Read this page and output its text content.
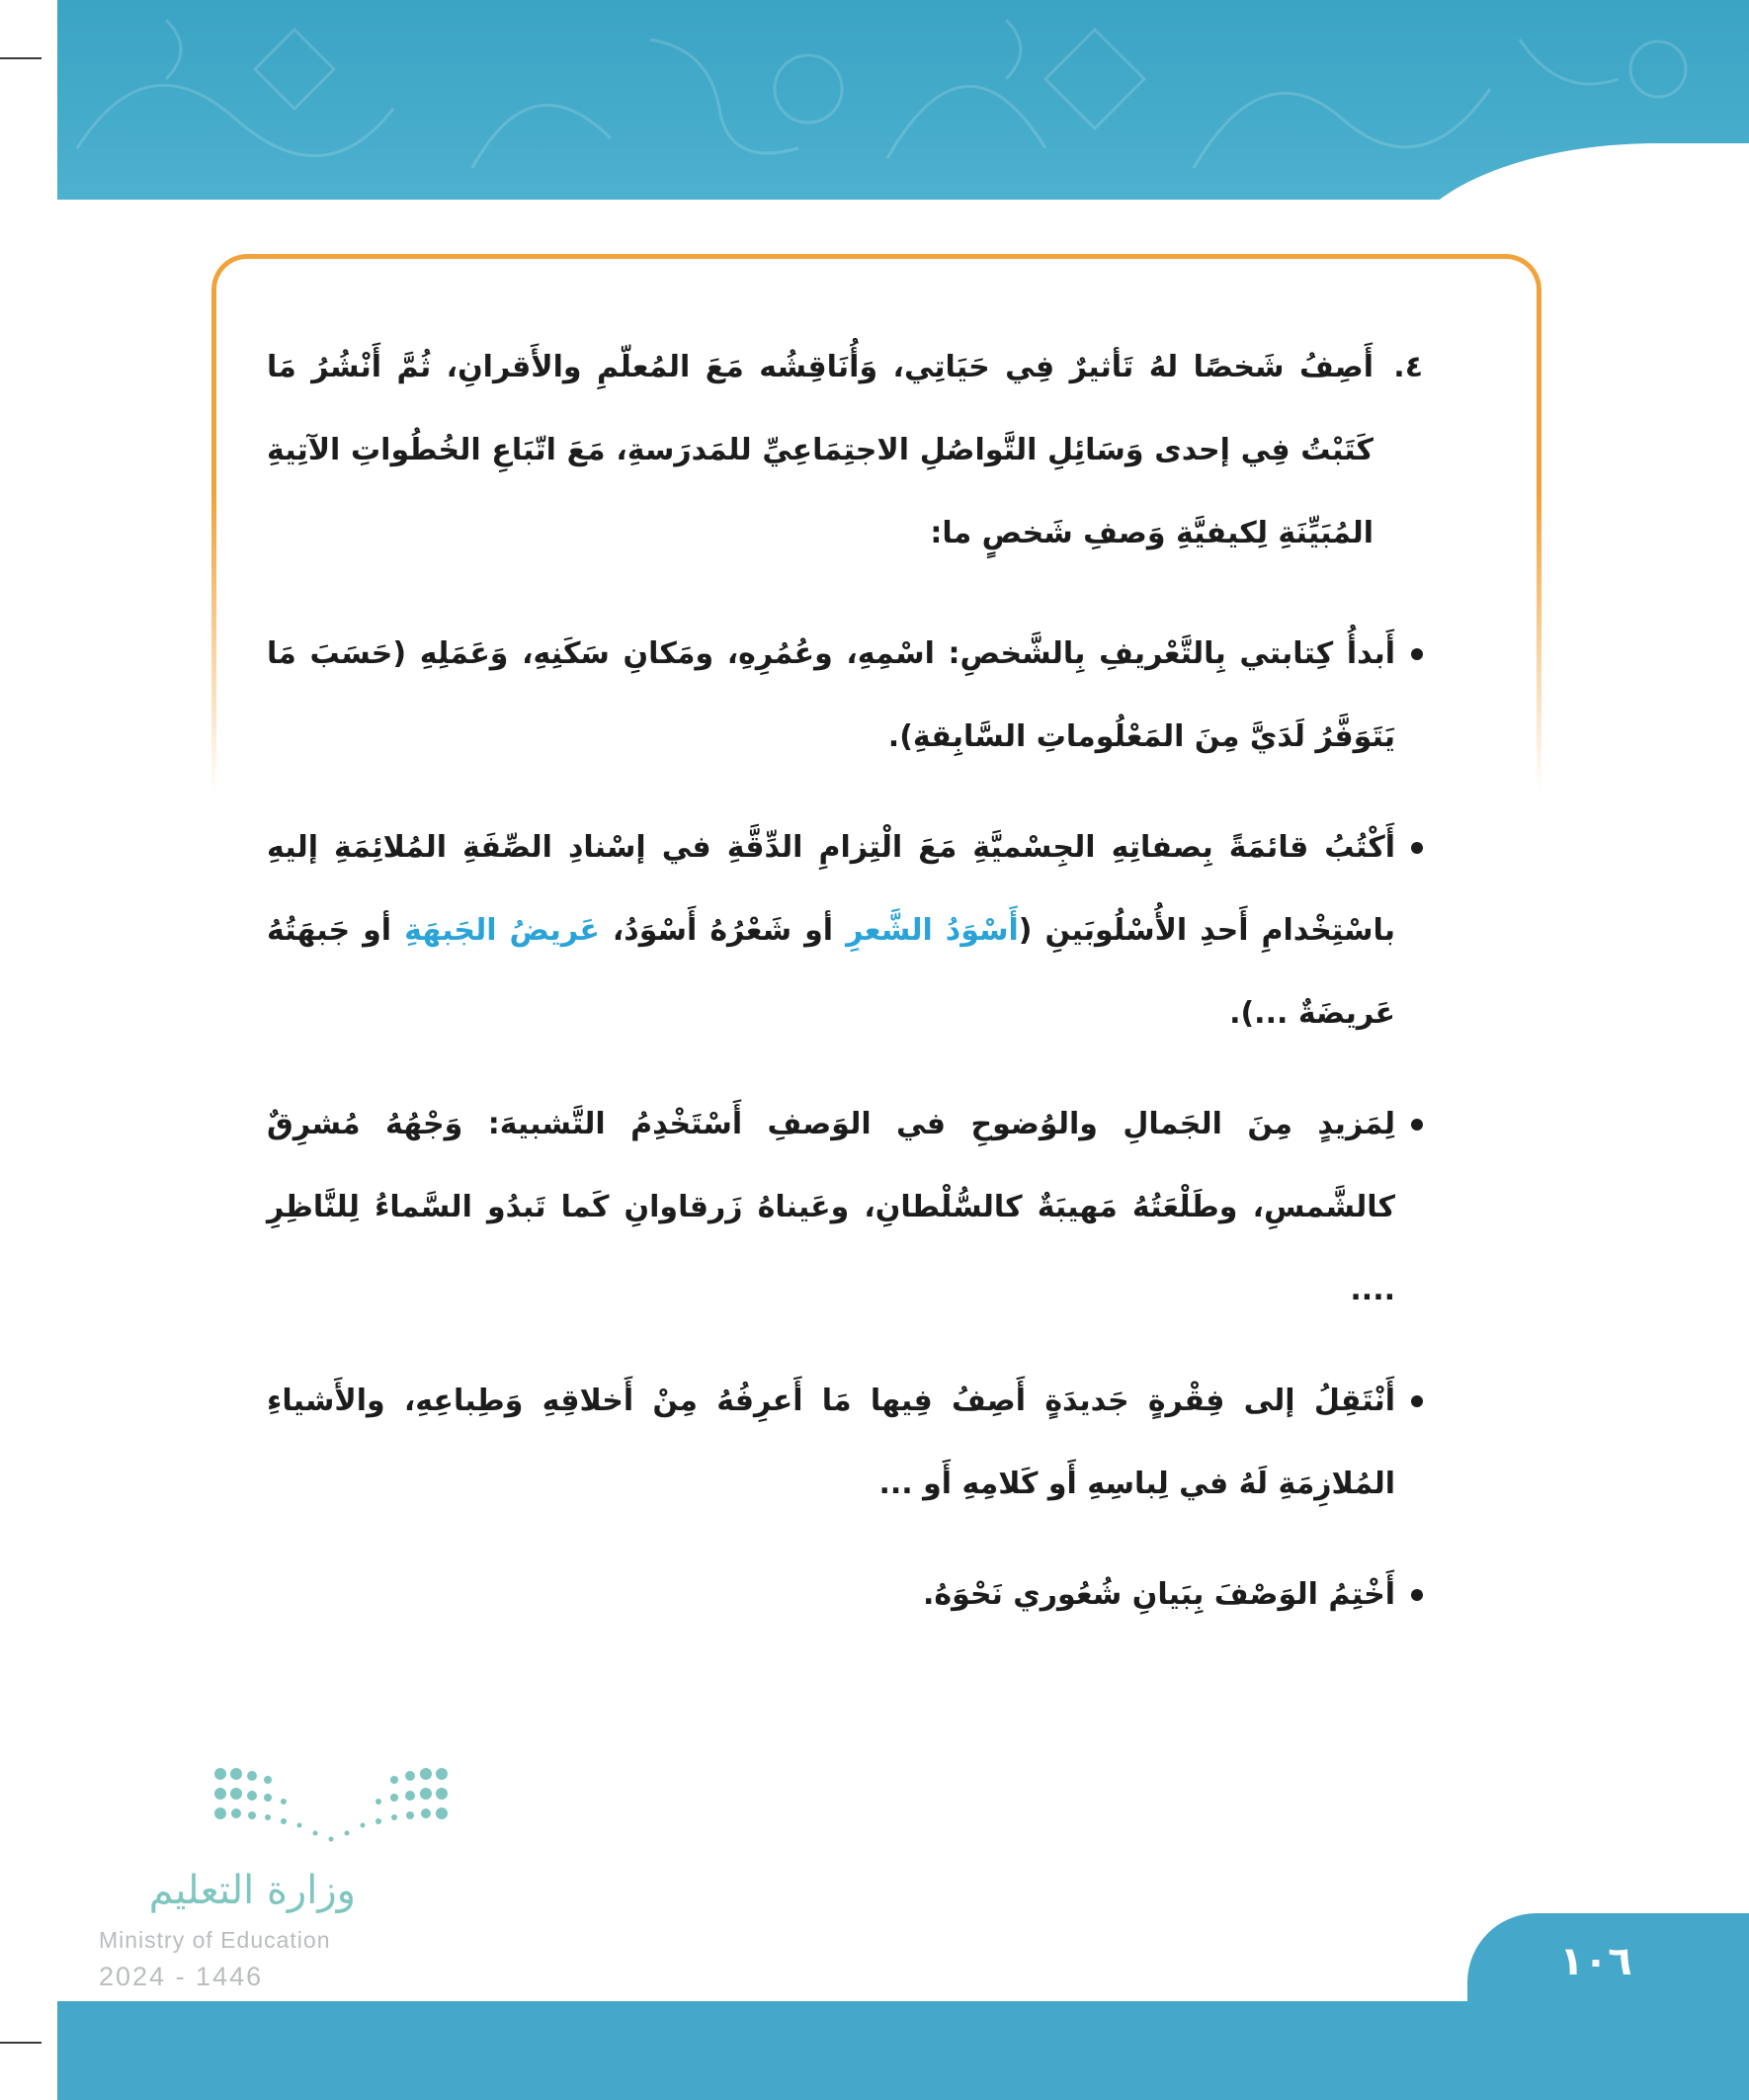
٤.
أَصِفُ شَخصًا لهُ تَأثيرٌ فِي حَيَاتِي، وَأُنَاقِشُه مَعَ المُعلّمِ والأَقرانِ، ثُمَّ أَنْشُرُ مَا كَتَبْتُ فِي إحدى وَسَائِلِ التَّواصُلِ الاجتِمَاعِيِّ للمَدرَسةِ، مَعَ اتّبَاعِ الخُطُواتِ الآتِيةِ المُبَيِّنَةِ لِكيفيَّةِ وَصفِ شَخصٍ ما:
أَبدأُ كِتابتي بِالتَّعْريفِ بِالشَّخصِ: اسْمِهِ، وعُمُرِهِ، ومَكانِ سَكَنِهِ، وَعَمَلِهِ (حَسَبَ مَا يَتَوَفَّرُ لَدَيَّ مِنَ المَعْلُوماتِ السَّابِقةِ).
أَكْتُبُ قائمَةً بِصفاتِهِ الجِسْميَّةِ مَعَ الْتِزامِ الدِّقَّةِ في إسْنادِ الصِّفَةِ المُلائِمَةِ إليهِ باسْتِخْدامِ أَحدِ الأُسْلُوبَينِ (أَسْوَدُ الشَّعرِ أو شَعْرُهُ أَسْوَدُ، عَريضُ الجَبهَةِ أو جَبهَتُهُ عَريضَةٌ ...).
لِمَزيدٍ مِنَ الجَمالِ والوُضوحِ في الوَصفِ أَسْتَخْدِمُ التَّشبيهَ: وَجْهُهُ مُشرِقٌ كالشَّمسِ، وطَلْعَتُهُ مَهيبَةٌ كالسُّلْطانِ، وعَيناهُ زَرقاوانِ كَما تَبدُو السَّماءُ لِلنَّاظِرِ ....
أَنْتَقِلُ إلى فِقْرةٍ جَديدَةٍ أَصِفُ فِيها مَا أَعرِفُهُ مِنْ أَخلاقِهِ وَطِباعِهِ، والأَشياءِ المُلازِمَةِ لَهُ في لِباسِهِ أَو كَلامِهِ أَو ...
أَخْتِمُ الوَصْفَ بِبَيانِ شُعُوري نَحْوَهُ.
وزارة التعليم
Ministry of Education
2024 - 1446	١٠٦
